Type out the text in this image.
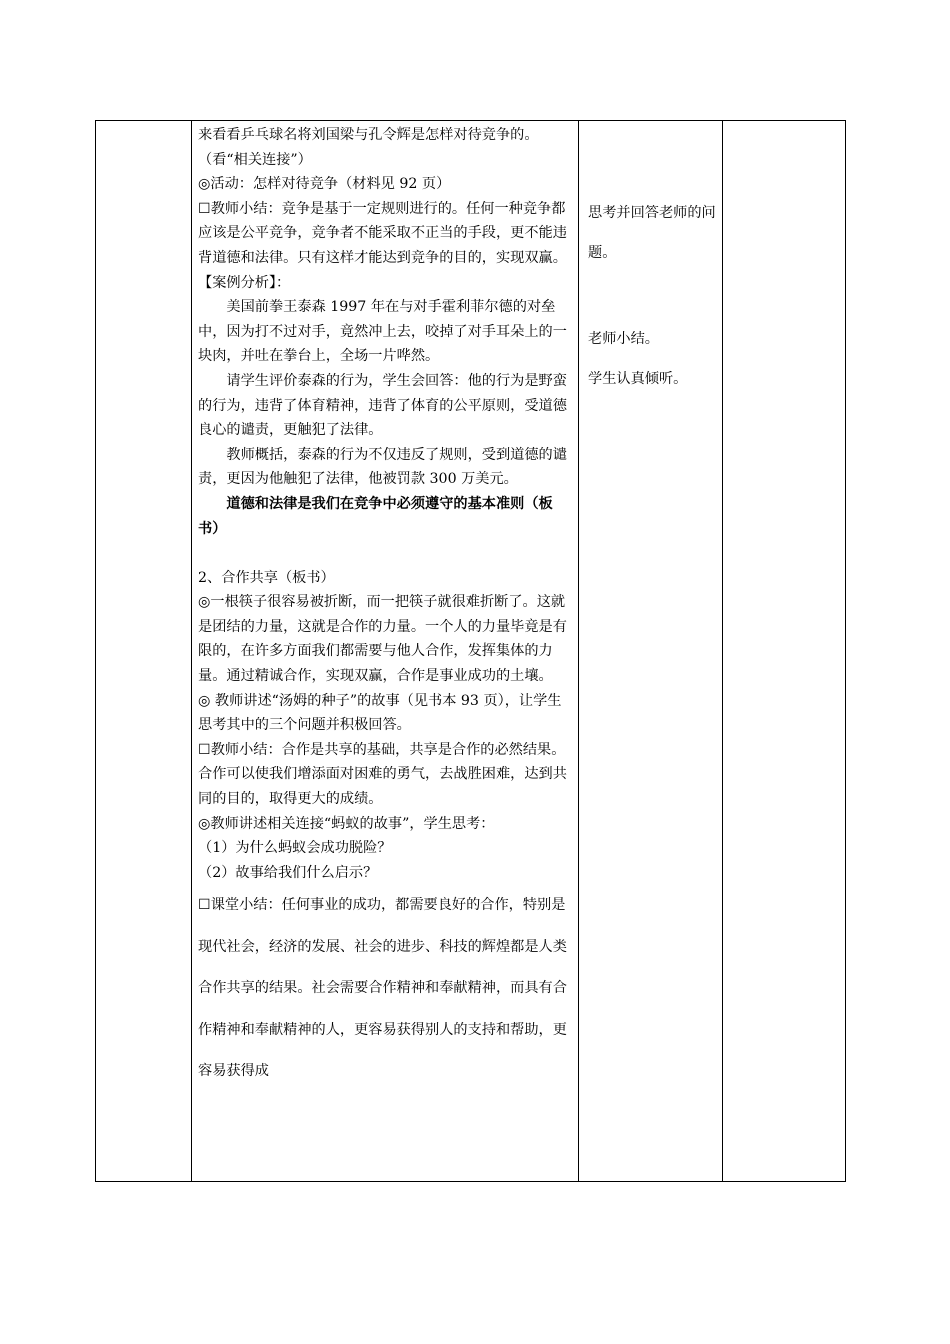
来看看乒乓球名将刘国梁与孔令辉是怎样对待竞争的。（看“相关连接”）

◎活动：怎样对待竞争（材料见 92 页）

☐教师小结：竞争是基于一定规则进行的。任何一种竞争都应该是公平竞争，竞争者不能采取不正当的手段，更不能违背道德和法律。只有这样才能达到竞争的目的，实现双赢。

【案例分析】：

美国前拳王泰森 1997 年在与对手霍利菲尔德的对垒中，因为打不过对手，竟然冲上去，咬掉了对手耳朵上的一块肉，并吐在拳台上，全场一片哗然。

请学生评价泰森的行为，学生会回答：他的行为是野蛮的行为，违背了体育精神，违背了体育的公平原则，受道德良心的谴责，更触犯了法律。

教师概括，泰森的行为不仅违反了规则，受到道德的谴责，更因为他触犯了法律，他被罚款 300 万美元。

道德和法律是我们在竞争中必须遵守的基本准则（板书）

2、合作共享（板书）

◎一根筷子很容易被折断，而一把筷子就很难折断了。这就是团结的力量，这就是合作的力量。一个人的力量毕竟是有限的，在许多方面我们都需要与他人合作，发挥集体的力量。通过精诚合作，实现双赢，合作是事业成功的土壤。

◎ 教师讲述“汤姆的种子”的故事（见书本 93 页），让学生思考其中的三个问题并积极回答。

☐教师小结：合作是共享的基础，共享是合作的必然结果。合作可以使我们增添面对困难的勇气，去战胜困难，达到共同的目的，取得更大的成绩。

◎教师讲述相关连接“蚂蚁的故事”，学生思考：

（1）为什么蚂蚁会成功脱险？

（2）故事给我们什么启示？

☐课堂小结：任何事业的成功，都需要良好的合作，特别是现代社会，经济的发展、社会的进步、科技的辉煌都是人类合作共享的结果。社会需要合作精神和奉献精神，而具有合作精神和奉献精神的人，更容易获得别人的支持和帮助，更容易获得成

思考并回答老师的问题。

老师小结。

学生认真倾听。
